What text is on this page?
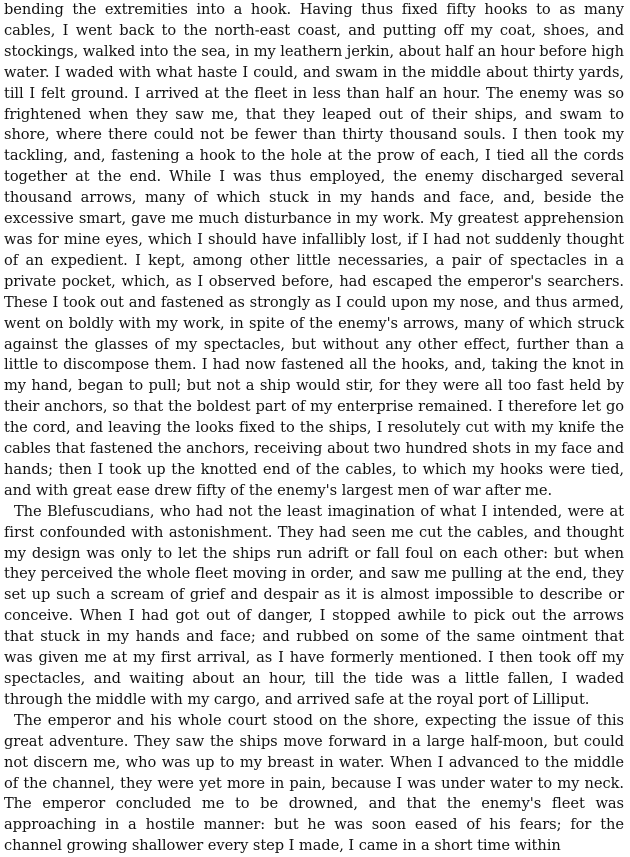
bending the extremities into a hook. Having thus fixed fifty hooks to as many cables, I went back to the north-east coast, and putting off my coat, shoes, and stockings, walked into the sea, in my leathern jerkin, about half an hour before high water. I waded with what haste I could, and swam in the middle about thirty yards, till I felt ground. I arrived at the fleet in less than half an hour. The enemy was so frightened when they saw me, that they leaped out of their ships, and swam to shore, where there could not be fewer than thirty thousand souls. I then took my tackling, and, fastening a hook to the hole at the prow of each, I tied all the cords together at the end. While I was thus employed, the enemy discharged several thousand arrows, many of which stuck in my hands and face, and, beside the excessive smart, gave me much disturbance in my work. My greatest apprehension was for mine eyes, which I should have infallibly lost, if I had not suddenly thought of an expedient. I kept, among other little necessaries, a pair of spectacles in a private pocket, which, as I observed before, had escaped the emperor's searchers. These I took out and fastened as strongly as I could upon my nose, and thus armed, went on boldly with my work, in spite of the enemy's arrows, many of which struck against the glasses of my spectacles, but without any other effect, further than a little to discompose them. I had now fastened all the hooks, and, taking the knot in my hand, began to pull; but not a ship would stir, for they were all too fast held by their anchors, so that the boldest part of my enterprise remained. I therefore let go the cord, and leaving the looks fixed to the ships, I resolutely cut with my knife the cables that fastened the anchors, receiving about two hundred shots in my face and hands; then I took up the knotted end of the cables, to which my hooks were tied, and with great ease drew fifty of the enemy's largest men of war after me.

The Blefuscudians, who had not the least imagination of what I intended, were at first confounded with astonishment. They had seen me cut the cables, and thought my design was only to let the ships run adrift or fall foul on each other: but when they perceived the whole fleet moving in order, and saw me pulling at the end, they set up such a scream of grief and despair as it is almost impossible to describe or conceive. When I had got out of danger, I stopped awhile to pick out the arrows that stuck in my hands and face; and rubbed on some of the same ointment that was given me at my first arrival, as I have formerly mentioned. I then took off my spectacles, and waiting about an hour, till the tide was a little fallen, I waded through the middle with my cargo, and arrived safe at the royal port of Lilliput.

The emperor and his whole court stood on the shore, expecting the issue of this great adventure. They saw the ships move forward in a large half-moon, but could not discern me, who was up to my breast in water. When I advanced to the middle of the channel, they were yet more in pain, because I was under water to my neck. The emperor concluded me to be drowned, and that the enemy's fleet was approaching in a hostile manner: but he was soon eased of his fears; for the channel growing shallower every step I made, I came in a short time within
